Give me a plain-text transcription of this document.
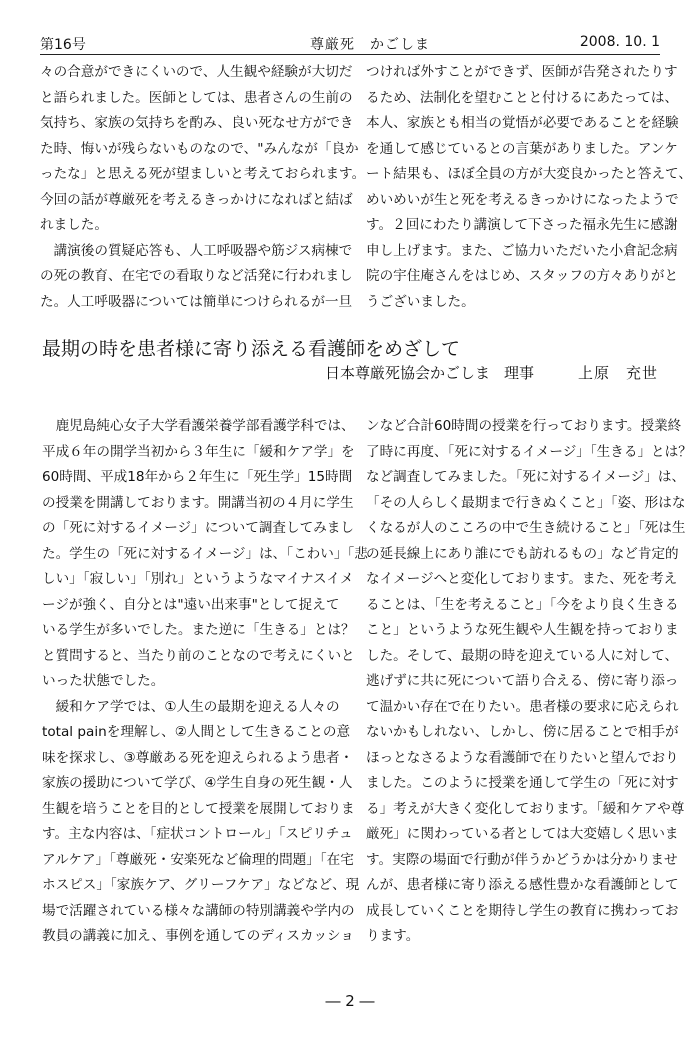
第16号	尊厳死　かごしま	2008. 10. 1

々の合意ができにくいので、人生観や経験が大切だ

と語られました。医師としては、患者さんの生前の

気持ち、家族の気持ちを酌み、良い死なせ方ができ

た時、悔いが残らないものなので、"みんなが「良か

ったな」と思える死が望ましいと考えておられます。

今回の話が尊厳死を考えるきっかけになればと結ば

れました。

　講演後の質疑応答も、人工呼吸器や筋ジス病棟で

の死の教育、在宅での看取りなど活発に行われまし

た。人工呼吸器については簡単につけられるが一旦

つければ外すことができず、医師が告発されたりす

るため、法制化を望むことと付けるにあたっては、

本人、家族とも相当の覚悟が必要であることを経験

を通して感じているとの言葉がありました。アンケ

ート結果も、ほぼ全員の方が大変良かったと答えて、

めいめいが生と死を考えるきっかけになったようで

す。２回にわたり講演して下さった福永先生に感謝

申し上げます。また、ご協力いただいた小倉記念病

院の宇住庵さんをはじめ、スタッフの方々ありがと

うございました。

最期の時を患者様に寄り添える看護師をめざして
日本尊厳死協会かごしま 理事	上原　充世

　鹿児島純心女子大学看護栄養学部看護学科では、

平成６年の開学当初から３年生に「緩和ケア学」を

60時間、平成18年から２年生に「死生学」15時間

の授業を開講しております。開講当初の４月に学生

の「死に対するイメージ」について調査してみまし

た。学生の「死に対するイメージ」は、「こわい」「悲

しい」「寂しい」「別れ」というようなマイナスイメ

ージが強く、自分とは"遠い出来事"として捉えて

いる学生が多いでした。また逆に「生きる」とは？

と質問すると、当たり前のことなので考えにくいと

いった状態でした。

　緩和ケア学では、①人生の最期を迎える人々の

total painを理解し、②人間として生きることの意

味を探求し、③尊厳ある死を迎えられるよう患者・

家族の援助について学び、④学生自身の死生観・人

生観を培うことを目的として授業を展開しておりま

す。主な内容は、「症状コントロール」「スピリチュ

アルケア」「尊厳死・安楽死など倫理的問題」「在宅

ホスピス」「家族ケア、グリーフケア」などなど、現

場で活躍されている様々な講師の特別講義や学内の

教員の講義に加え、事例を通してのディスカッショ

ンなど合計60時間の授業を行っております。授業終

了時に再度、「死に対するイメージ」「生きる」とは？

など調査してみました。「死に対するイメージ」は、

「その人らしく最期まで行きぬくこと」「姿、形はな

くなるが人のこころの中で生き続けること」「死は生

の延長線上にあり誰にでも訪れるもの」など肯定的

なイメージへと変化しております。また、死を考え

ることは、「生を考えること」「今をより良く生きる

こと」というような死生観や人生観を持っておりま

した。そして、最期の時を迎えている人に対して、

逃げずに共に死について語り合える、傍に寄り添っ

て温かい存在で在りたい。患者様の要求に応えられ

ないかもしれない、しかし、傍に居ることで相手が

ほっとなさるような看護師で在りたいと望んでおり

ました。このように授業を通して学生の「死に対す

る」考えが大きく変化しております。「緩和ケアや尊

厳死」に関わっている者としては大変嬉しく思いま

す。実際の場面で行動が伴うかどうかは分かりませ

んが、患者様に寄り添える感性豊かな看護師として

成長していくことを期待し学生の教育に携わってお

ります。

― 2 ―
